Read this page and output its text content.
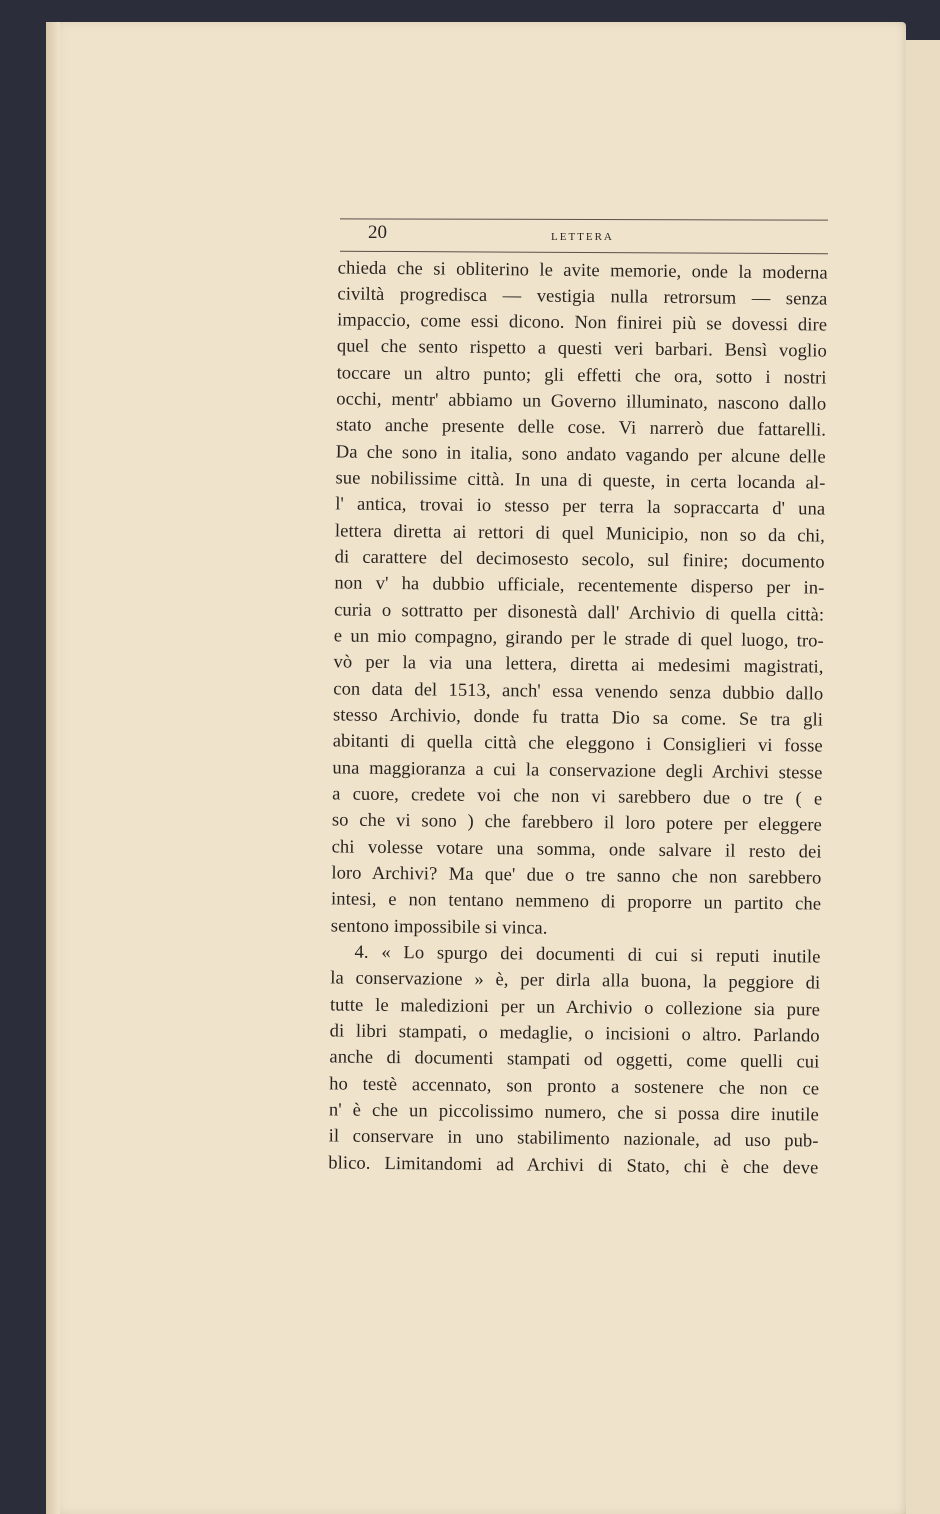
20	LETTERA
chieda che si obliterino le avite memorie, onde la moderna
civiltà progredisca — vestigia nulla retrorsum — senza
impaccio, come essi dicono. Non finirei più se dovessi dire
quel che sento rispetto a questi veri barbari. Bensì voglio
toccare un altro punto; gli effetti che ora, sotto i nostri
occhi, mentr' abbiamo un Governo illuminato, nascono dallo
stato anche presente delle cose. Vi narrerò due fattarelli.
Da che sono in italia, sono andato vagando per alcune delle
sue nobilissime città. In una di queste, in certa locanda al-
l' antica, trovai io stesso per terra la sopraccarta d' una
lettera diretta ai rettori di quel Municipio, non so da chi,
di carattere del decimosesto secolo, sul finire; documento
non v' ha dubbio ufficiale, recentemente disperso per in-
curia o sottratto per disonestà dall' Archivio di quella città:
e un mio compagno, girando per le strade di quel luogo, tro-
vò per la via una lettera, diretta ai medesimi magistrati,
con data del 1513, anch' essa venendo senza dubbio dallo
stesso Archivio, donde fu tratta Dio sa come. Se tra gli
abitanti di quella città che eleggono i Consiglieri vi fosse
una maggioranza a cui la conservazione degli Archivi stesse
a cuore, credete voi che non vi sarebbero due o tre ( e
so che vi sono ) che farebbero il loro potere per eleggere
chi volesse votare una somma, onde salvare il resto dei
loro Archivi? Ma que' due o tre sanno che non sarebbero
intesi, e non tentano nemmeno di proporre un partito che
sentono impossibile si vinca.
4. « Lo spurgo dei documenti di cui si reputi inutile
la conservazione » è, per dirla alla buona, la peggiore di
tutte le maledizioni per un Archivio o collezione sia pure
di libri stampati, o medaglie, o incisioni o altro. Parlando
anche di documenti stampati od oggetti, come quelli cui
ho testè accennato, son pronto a sostenere che non ce
n' è che un piccolissimo numero, che si possa dire inutile
il conservare in uno stabilimento nazionale, ad uso pub-
blico. Limitandomi ad Archivi di Stato, chi è che deve
